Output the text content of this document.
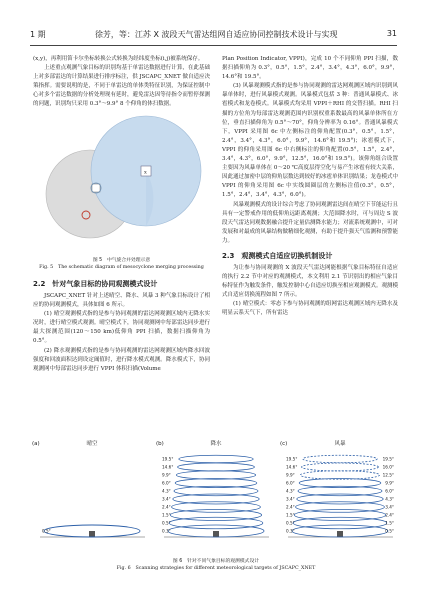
1 期	徐芳，等：江苏 X 波段天气雷达组网自适应协同控制技术设计与实现	31

(x,y)，再利用笛卡尔坐标转换公式转换为经纬度坐标(i,j)被系统保存。

上述重点观测气象目标的识别均基于单雷达数据进行计算，在此基础上对多部雷达的计算结果进行排序标注，供 JSCAPC_XNET 做自适应决策指挥。需要说明的是，不同于单雷达的单体类特征识别，为保证控制中心对多个雷达数据的分析处理现有延时，避免雷达因等待指令而暂停探测的问题，识别均只采用 0.3°～9.9° 8 个仰角的体扫数据。

x
图 5　中气旋合并处理示意
Fig. 5　The schematic diagram of mesocyclone merging processing
2.2　针对气象目标的协同观测模式设计

JSCAPC_XNET 针对上述晴空、降水、风暴 3 种气象目标设计了相应的协同观测模式，具体如图 6 所示。

(1) 晴空观测模式指的是参与协同观测的雷达网观测区域内无降水实况时，进行晴空模式观测。晴空模式下，协同观测网中每部雷达同步进行最大探测范围(120～150 km)低仰角 PPI 扫描，数据扫描仰角为 0.5°。

(2) 降水观测模式指的是参与协同观测的雷达网观测区域内降水回波强度和回波面积达到设定阈值时，进行降水模式观测。降水模式下，协同观测网中每部雷达同步进行 VPPI 体积扫描(Volume

Plan Position Indicator, VPPI)，完成 10 个不同仰角 PPI 扫描，数据扫描仰角为 0.3°，0.5°，1.5°，2.4°，3.4°，4.3°，6.0°，9.9°，14.6°和 19.5°。

(3) 风暴观测模式指的是参与协同观测的雷达网观测区域内识别到风暴单体时，进行风暴模式观测。风暴模式包括 3 种：普通风暴模式、冰雹模式和龙卷模式。风暴模式均采用 VPPI＋RHI 的交替扫描。RHI 扫描的方位角为每部雷达观测范围内识别权重系数最高的风暴单体所在方位，垂直扫描仰角为 0.5°～70°，仰角分辨率为 0.16°。普通风暴模式下，VPPI 采用图 6c 中左侧标注的仰角配置(0.3°，0.5°，1.5°，2.4°，3.4°，4.3°，6.0°，9.9°，14.6°和 19.5°)；冰雹模式下，VPPI 的仰角采用图 6c 中右侧标注的仰角配置(0.5°，1.5°，2.4°，3.4°，4.3°，6.0°，9.9°，12.5°，16.0°和 19.5°)。该仰角组合设置主要因为风暴单体在 0～20 ℃高度层得空化与易产生冰雹有较大关系，因此通过加密中层的仰角层数达到较好的冰雹单体识别结果；龙卷模式中 VPPI 的仰角采用图 6c 中实线圆圈层的左侧标注值(0.3°，0.5°，1.5°，2.4°，3.4°，4.3°，6.0°)。

风暴观测模式的设计综合考虑了协同观测雷达间在晴空下节能运行且具有一定警戒作用的低仰角远距离观测；大范围降水时，可与周边 S 波段天气雷达同观数据融合提升定量估测降水能力；对流系统观测中，可对发展和对最成的风暴结构做精细化观测，有助于提升强天气监测和预警能力。

2.3　观测模式自适应切换机制设计

为让参与协同观测的 X 波段天气雷达网能根据气象目标特征自适应的执行 2.2 节中对应的观测模式，本文利用 2.1 节识别出的相应气象目标特征作为触发条件，触发控制中心自适应切换至相应观测模式。观测模式自适应切换流程如图 7 所示。

(1) 晴空模式：零态下参与协同观测的组网雷达观测区域内无降水及明显云系天气下，所有雷达

(a)	晴空	(b)	降水	(c)	风暴
0.5°
19.5°
14.6°
9.9°
6.0°
4.3°
3.4°
2.4°
1.5°
0.5°
0.3°
19.5°
14.6°
9.9°
6.0°
4.3°
3.4°
2.4°
1.5°
0.5°
0.3°
19.5°
16.0°
12.5°
9.9°
6.0°
4.3°
3.4°
2.4°
1.5°
0.5°
图 6　针对不同气象目标的观测模式设计
Fig. 6　Scanning strategies for different meteorological targets of JSCAPC_XNET
